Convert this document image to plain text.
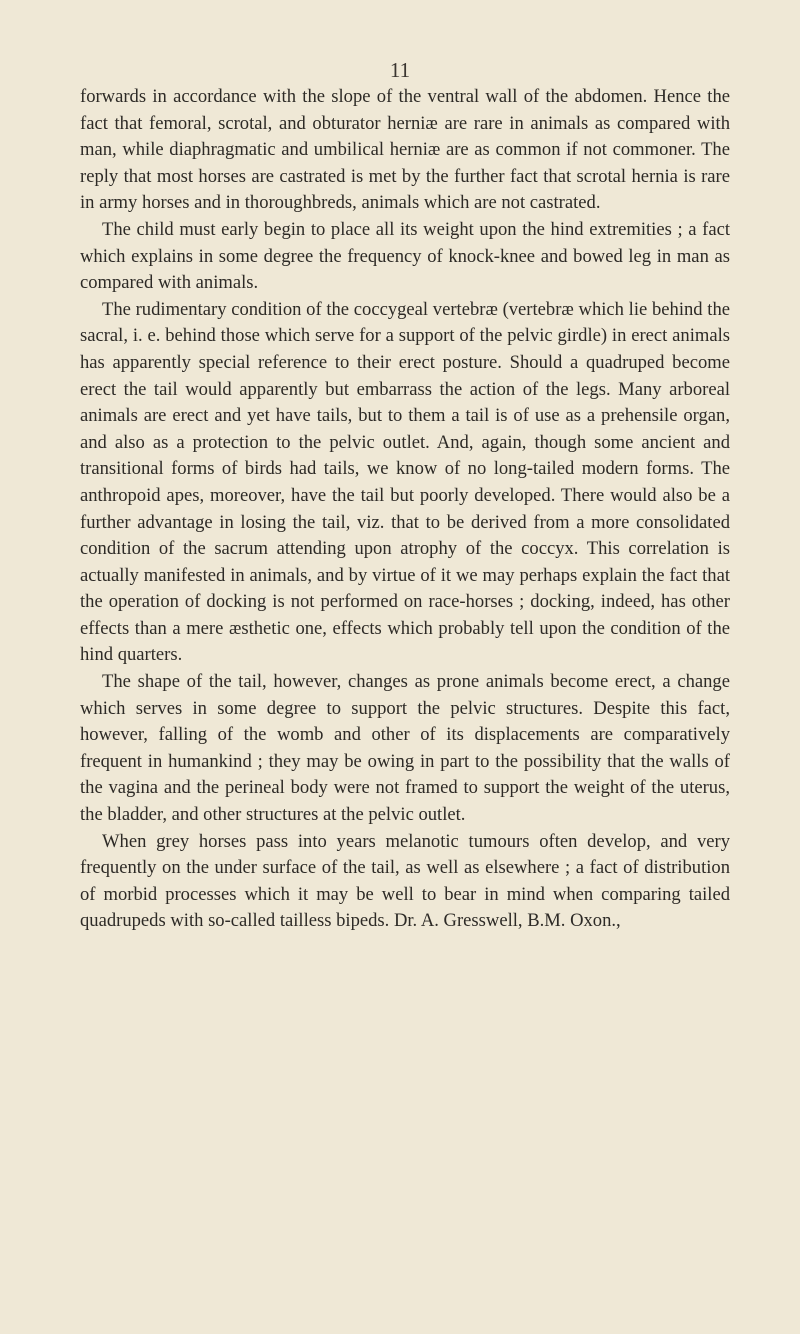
11

forwards in accordance with the slope of the ventral wall of the abdomen. Hence the fact that femoral, scrotal, and obturator herniæ are rare in animals as compared with man, while diaphragmatic and umbilical herniæ are as common if not commoner. The reply that most horses are castrated is met by the further fact that scrotal hernia is rare in army horses and in thoroughbreds, animals which are not castrated.

The child must early begin to place all its weight upon the hind extremities ; a fact which explains in some degree the frequency of knock-knee and bowed leg in man as compared with animals.

The rudimentary condition of the coccygeal vertebræ (vertebræ which lie behind the sacral, i. e. behind those which serve for a support of the pelvic girdle) in erect animals has apparently special reference to their erect posture. Should a quadruped become erect the tail would apparently but embarrass the action of the legs. Many arboreal animals are erect and yet have tails, but to them a tail is of use as a prehensile organ, and also as a protection to the pelvic outlet. And, again, though some ancient and transitional forms of birds had tails, we know of no long-tailed modern forms. The anthropoid apes, moreover, have the tail but poorly developed. There would also be a further advantage in losing the tail, viz. that to be derived from a more consolidated condition of the sacrum attending upon atrophy of the coccyx. This correlation is actually manifested in animals, and by virtue of it we may perhaps explain the fact that the operation of docking is not performed on race-horses ; docking, indeed, has other effects than a mere æsthetic one, effects which probably tell upon the condition of the hind quarters.

The shape of the tail, however, changes as prone animals become erect, a change which serves in some degree to support the pelvic structures. Despite this fact, however, falling of the womb and other of its displacements are comparatively frequent in humankind ; they may be owing in part to the possibility that the walls of the vagina and the perineal body were not framed to support the weight of the uterus, the bladder, and other structures at the pelvic outlet.

When grey horses pass into years melanotic tumours often develop, and very frequently on the under surface of the tail, as well as elsewhere ; a fact of distribution of morbid processes which it may be well to bear in mind when comparing tailed quadrupeds with so-called tailless bipeds. Dr. A. Gresswell, B.M. Oxon.,
